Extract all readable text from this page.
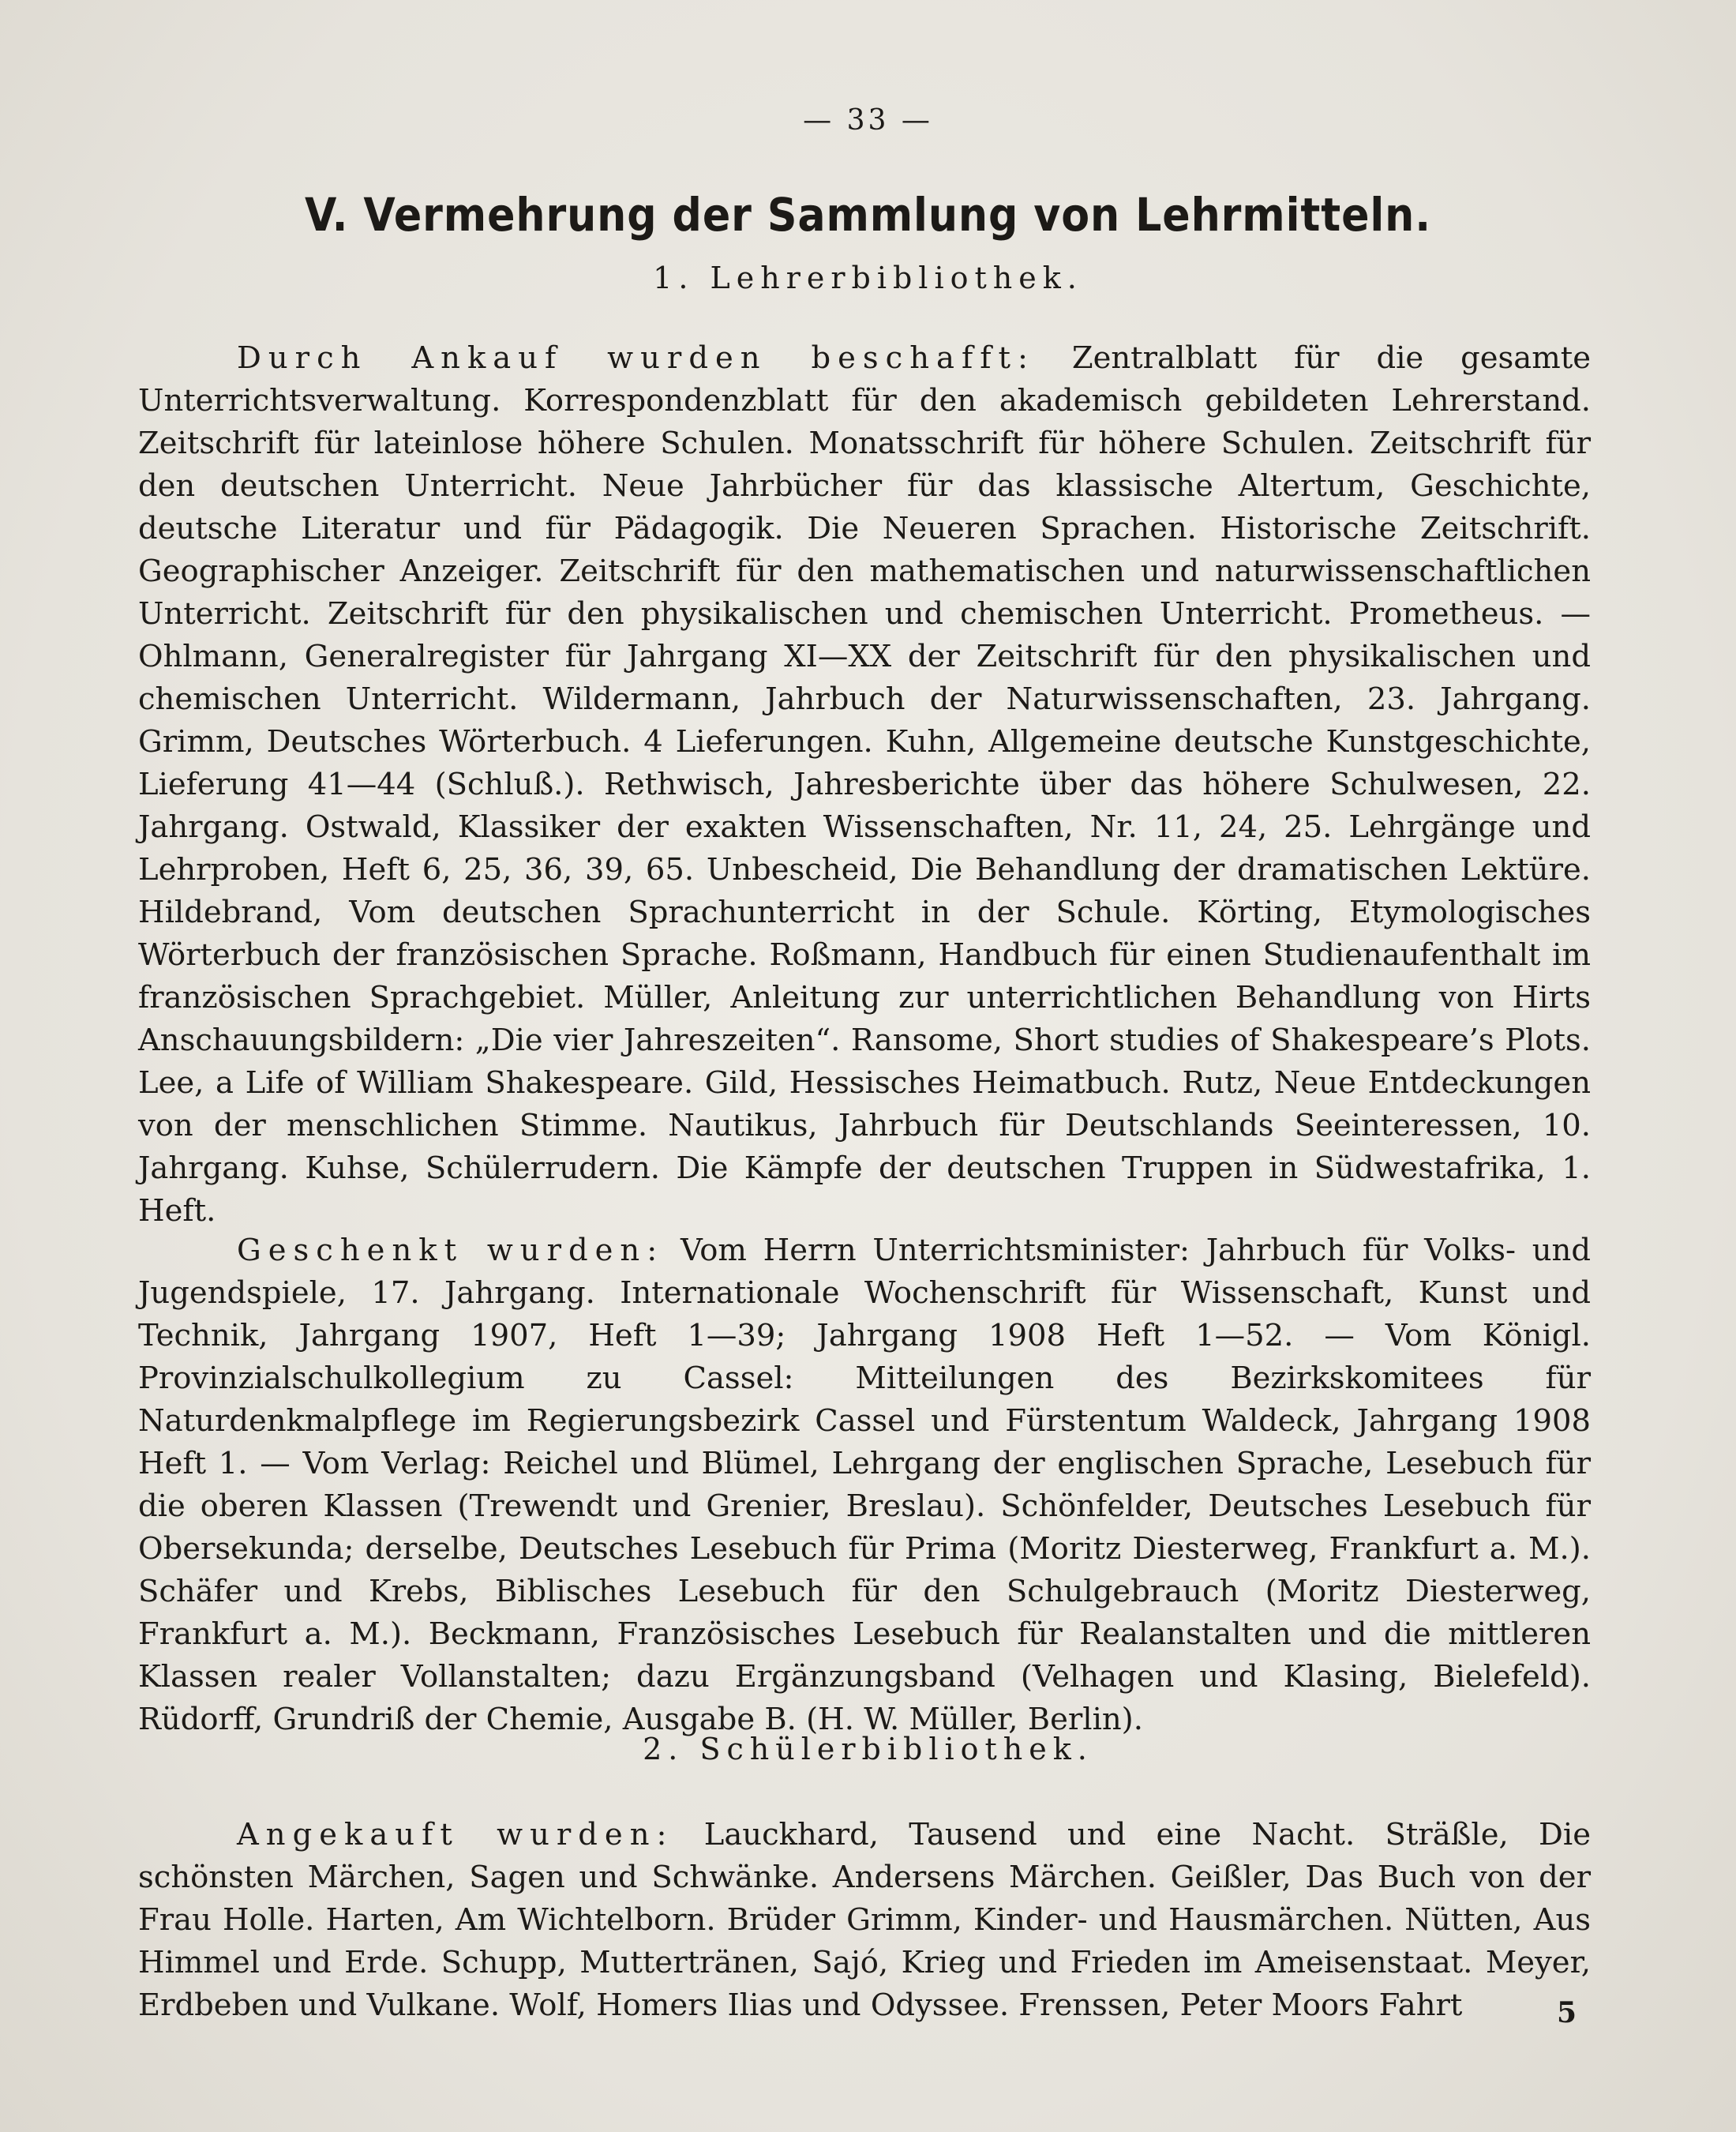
— 33 —
V. Vermehrung der Sammlung von Lehrmitteln.
1. Lehrerbibliothek.

Durch Ankauf wurden beschafft: Zentralblatt für die gesamte Unterrichtsverwaltung. Korrespondenzblatt für den akademisch gebildeten Lehrerstand. Zeitschrift für lateinlose höhere Schulen. Monatsschrift für höhere Schulen. Zeitschrift für den deutschen Unterricht. Neue Jahrbücher für das klassische Altertum, Geschichte, deutsche Literatur und für Pädagogik. Die Neueren Sprachen. Historische Zeitschrift. Geographischer Anzeiger. Zeitschrift für den mathematischen und naturwissenschaftlichen Unterricht. Zeitschrift für den physikalischen und chemischen Unterricht. Prometheus. — Ohlmann, Generalregister für Jahrgang XI—XX der Zeitschrift für den physikalischen und chemischen Unterricht. Wildermann, Jahrbuch der Naturwissenschaften, 23. Jahrgang. Grimm, Deutsches Wörterbuch. 4 Lieferungen. Kuhn, Allgemeine deutsche Kunstgeschichte, Lieferung 41—44 (Schluß.). Rethwisch, Jahresberichte über das höhere Schulwesen, 22. Jahrgang. Ostwald, Klassiker der exakten Wissenschaften, Nr. 11, 24, 25. Lehrgänge und Lehrproben, Heft 6, 25, 36, 39, 65. Unbescheid, Die Behandlung der dramatischen Lektüre. Hildebrand, Vom deutschen Sprachunterricht in der Schule. Körting, Etymologisches Wörterbuch der französischen Sprache. Roßmann, Handbuch für einen Studienaufenthalt im französischen Sprachgebiet. Müller, Anleitung zur unterrichtlichen Behandlung von Hirts Anschauungsbildern: „Die vier Jahreszeiten“. Ransome, Short studies of Shakespeare’s Plots. Lee, a Life of William Shakespeare. Gild, Hessisches Heimatbuch. Rutz, Neue Entdeckungen von der menschlichen Stimme. Nautikus, Jahrbuch für Deutschlands Seeinteressen, 10. Jahrgang. Kuhse, Schülerrudern. Die Kämpfe der deutschen Truppen in Südwestafrika, 1. Heft.

Geschenkt wurden: Vom Herrn Unterrichtsminister: Jahrbuch für Volks- und Jugendspiele, 17. Jahrgang. Internationale Wochenschrift für Wissenschaft, Kunst und Technik, Jahrgang 1907, Heft 1—39; Jahrgang 1908 Heft 1—52. — Vom Königl. Provinzialschulkollegium zu Cassel: Mitteilungen des Bezirkskomitees für Naturdenkmalpflege im Regierungsbezirk Cassel und Fürstentum Waldeck, Jahrgang 1908 Heft 1. — Vom Verlag: Reichel und Blümel, Lehrgang der englischen Sprache, Lesebuch für die oberen Klassen (Trewendt und Grenier, Breslau). Schönfelder, Deutsches Lesebuch für Obersekunda; derselbe, Deutsches Lesebuch für Prima (Moritz Diesterweg, Frankfurt a. M.). Schäfer und Krebs, Biblisches Lesebuch für den Schulgebrauch (Moritz Diesterweg, Frankfurt a. M.). Beckmann, Französisches Lesebuch für Realanstalten und die mittleren Klassen realer Vollanstalten; dazu Ergänzungsband (Velhagen und Klasing, Bielefeld). Rüdorff, Grundriß der Chemie, Ausgabe B. (H. W. Müller, Berlin).

2. Schülerbibliothek.

Angekauft wurden: Lauckhard, Tausend und eine Nacht. Sträßle, Die schönsten Märchen, Sagen und Schwänke. Andersens Märchen. Geißler, Das Buch von der Frau Holle. Harten, Am Wichtelborn. Brüder Grimm, Kinder- und Hausmärchen. Nütten, Aus Himmel und Erde. Schupp, Muttertränen, Sajó, Krieg und Frieden im Ameisenstaat. Meyer, Erdbeben und Vulkane. Wolf, Homers Ilias und Odyssee. Frenssen, Peter Moors Fahrt	5
